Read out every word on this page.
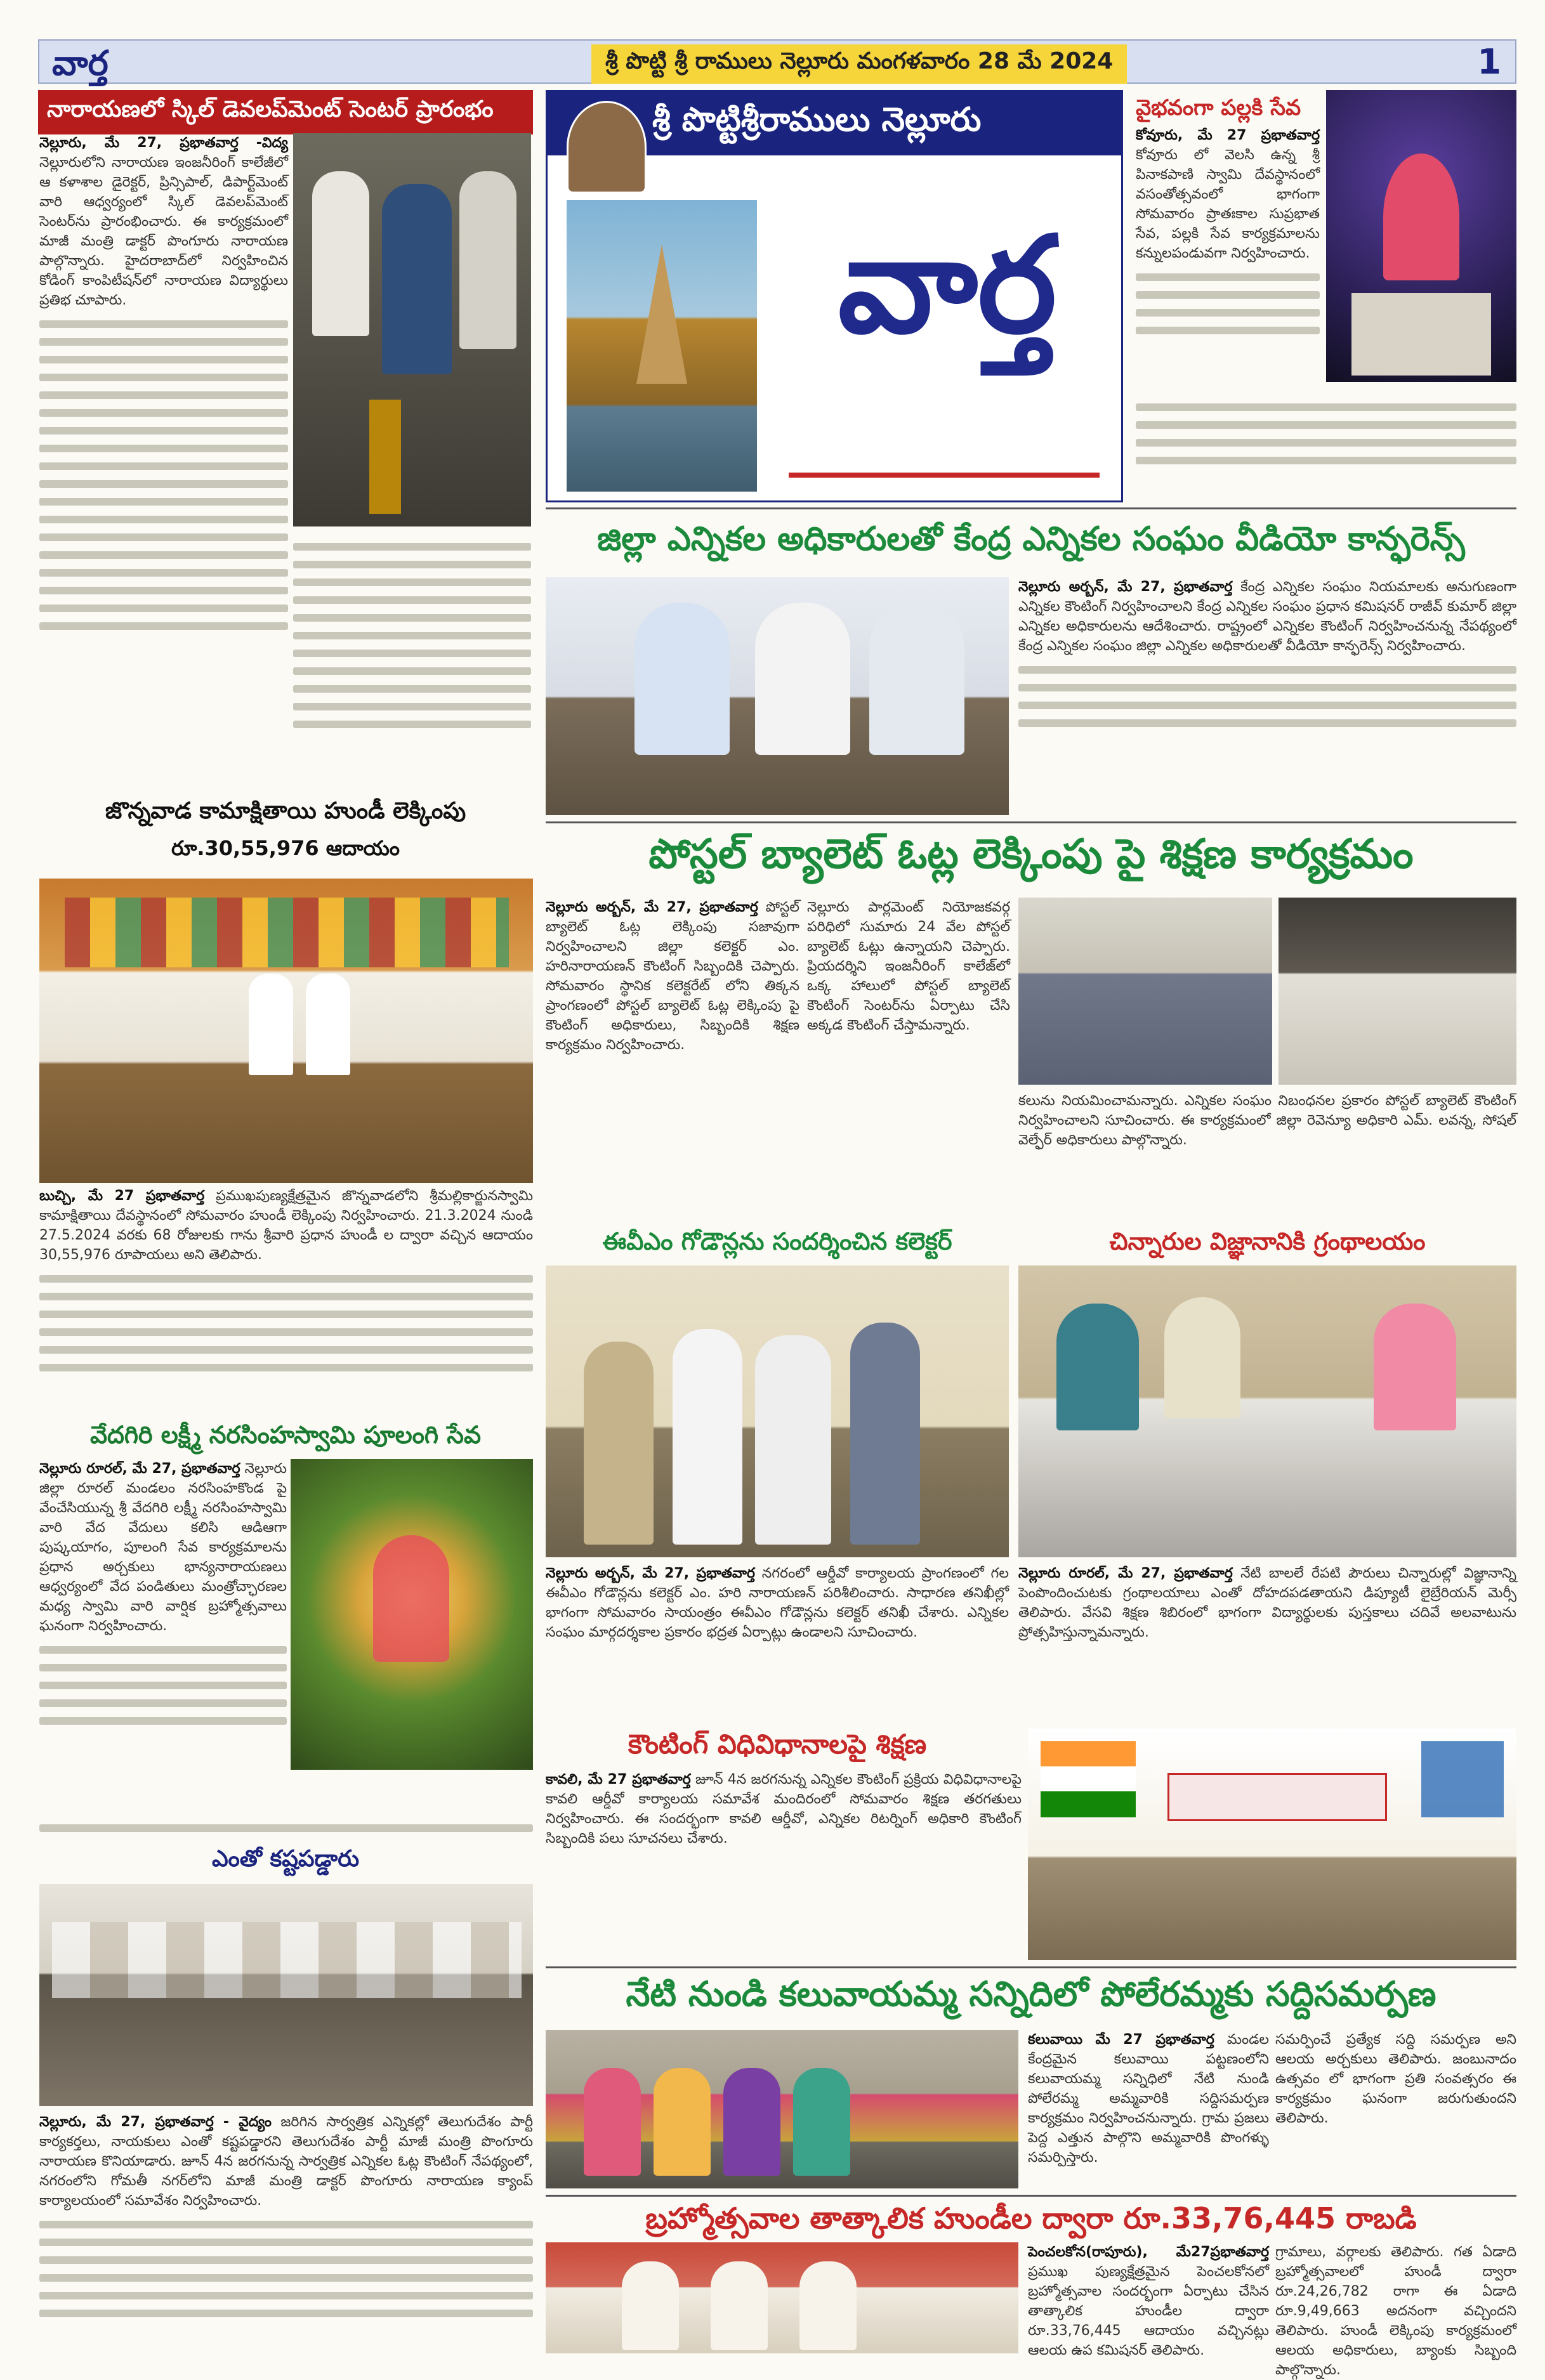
వార్త	శ్రీ పొట్టి శ్రీ రాములు నెల్లూరు మంగళవారం 28 మే 2024	1
నారాయణలో స్కిల్ డెవలప్‌మెంట్ సెంటర్ ప్రారంభం
నెల్లూరు, మే 27, ప్రభాతవార్త -విద్య నెల్లూరులోని నారాయణ ఇంజనీరింగ్ కాలేజీలో ఆ కళాశాల డైరెక్టర్, ప్రిన్సిపాల్, డిపార్ట్‌మెంట్ వారి ఆధ్వర్యంలో స్కిల్ డెవలప్‌మెంట్ సెంటర్‌ను ప్రారంభించారు. ఈ కార్యక్రమంలో మాజీ మంత్రి డాక్టర్ పొంగూరు నారాయణ పాల్గొన్నారు. హైదరాబాద్‌లో నిర్వహించిన కోడింగ్ కాంపిటీషన్‌లో నారాయణ విద్యార్థులు ప్రతిభ చూపారు.
జొన్నవాడ కామాక్షితాయి హుండీ లెక్కింపు
రూ.30,55,976 ఆదాయం
బుచ్చి, మే 27 ప్రభాతవార్త ప్రముఖపుణ్యక్షేత్రమైన జొన్నవాడలోని శ్రీమల్లికార్జునస్వామి కామాక్షితాయి దేవస్థానంలో సోమవారం హుండీ లెక్కింపు నిర్వహించారు. 21.3.2024 నుండి 27.5.2024 వరకు 68 రోజులకు గాను శ్రీవారి ప్రధాన హుండీ ల ద్వారా వచ్చిన ఆదాయం 30,55,976 రూపాయలు అని తెలిపారు.
వేదగిరి లక్ష్మీ నరసింహస్వామి పూలంగి సేవ
నెల్లూరు రూరల్, మే 27, ప్రభాతవార్త నెల్లూరు జిల్లా రూరల్ మండలం నరసింహకొండ పై వేంచేసియున్న శ్రీ వేదగిరి లక్ష్మీ నరసింహస్వామి వారి వేద వేదులు కలిసి ఆడిఆగా పుష్కయాగం, పూలంగి సేవ కార్యక్రమాలను ప్రధాన అర్చకులు భాన్యనారాయణలు ఆధ్వర్యంలో వేద పండితులు మంత్రోచ్ఛారణల మధ్య స్వామి వారి వార్షిక బ్రహ్మోత్సవాలు ఘనంగా నిర్వహించారు.
ఎంతో కష్టపడ్డారు
నెల్లూరు, మే 27, ప్రభాతవార్త - వైద్యం జరిగిన సార్వత్రిక ఎన్నికల్లో తెలుగుదేశం పార్టీ కార్యకర్తలు, నాయకులు ఎంతో కష్టపడ్డారని తెలుగుదేశం పార్టీ మాజీ మంత్రి పొంగూరు నారాయణ కొనియాడారు. జూన్ 4న జరగనున్న సార్వత్రిక ఎన్నికల ఓట్ల కౌంటింగ్ నేపథ్యంలో, నగరంలోని గోమతీ నగర్‌లోని మాజీ మంత్రి డాక్టర్ పొంగూరు నారాయణ క్యాంప్ కార్యాలయంలో సమావేశం నిర్వహించారు.
శ్రీ పొట్టిశ్రీరాములు నెల్లూరు
వార్త
వైభవంగా పల్లకి సేవ
కోవూరు, మే 27 ప్రభాతవార్త కోవూరు లో వెలసి ఉన్న శ్రీ పినాకపాణి స్వామి దేవస్థానంలో వసంతోత్సవంలో భాగంగా సోమవారం ప్రాతఃకాల సుప్రభాత సేవ, పల్లకి సేవ కార్యక్రమాలను కన్నులపండువగా నిర్వహించారు.
జిల్లా ఎన్నికల అధికారులతో కేంద్ర ఎన్నికల సంఘం వీడియో కాన్ఫరెన్స్
నెల్లూరు అర్బన్, మే 27, ప్రభాతవార్త కేంద్ర ఎన్నికల సంఘం నియమాలకు అనుగుణంగా ఎన్నికల కౌంటింగ్ నిర్వహించాలని కేంద్ర ఎన్నికల సంఘం ప్రధాన కమిషనర్ రాజీవ్ కుమార్ జిల్లా ఎన్నికల అధికారులను ఆదేశించారు. రాష్ట్రంలో ఎన్నికల కౌంటింగ్ నిర్వహించనున్న నేపథ్యంలో కేంద్ర ఎన్నికల సంఘం జిల్లా ఎన్నికల అధికారులతో వీడియో కాన్ఫరెన్స్ నిర్వహించారు.
పోస్టల్ బ్యాలెట్ ఓట్ల లెక్కింపు పై శిక్షణ కార్యక్రమం
నెల్లూరు అర్బన్, మే 27, ప్రభాతవార్త పోస్టల్ బ్యాలెట్ ఓట్ల లెక్కింపు సజావుగా నిర్వహించాలని జిల్లా కలెక్టర్ ఎం. హరినారాయణన్ కౌంటింగ్ సిబ్బందికి చెప్పారు. సోమవారం స్థానిక కలెక్టరేట్ లోని తిక్కన ప్రాంగణంలో పోస్టల్ బ్యాలెట్ ఓట్ల లెక్కింపు పై కౌంటింగ్ అధికారులు, సిబ్బందికి శిక్షణ కార్యక్రమం నిర్వహించారు.
నెల్లూరు పార్లమెంట్ నియోజకవర్గ పరిధిలో సుమారు 24 వేల పోస్టల్ బ్యాలెట్ ఓట్లు ఉన్నాయని చెప్పారు. ప్రియదర్శిని ఇంజనీరింగ్ కాలేజ్‌లో ఒక్క హాలులో పోస్టల్ బ్యాలెట్ కౌంటింగ్ సెంటర్‌ను ఏర్పాటు చేసి అక్కడ కౌంటింగ్ చేస్తామన్నారు.
కలును నియమించామన్నారు. ఎన్నికల సంఘం నిబంధనల ప్రకారం పోస్టల్ బ్యాలెట్ కౌంటింగ్ నిర్వహించాలని సూచించారు. ఈ కార్యక్రమంలో జిల్లా రెవెన్యూ అధికారి ఎమ్. లవన్న, సోషల్ వెల్ఫేర్ అధికారులు పాల్గొన్నారు.
ఈవీఎం గోడౌన్లను సందర్శించిన కలెక్టర్	చిన్నారుల విజ్ఞానానికి గ్రంథాలయం
నెల్లూరు అర్బన్, మే 27, ప్రభాతవార్త నగరంలో ఆర్డీవో కార్యాలయ ప్రాంగణంలో గల ఈవీఎం గోడౌన్లను కలెక్టర్ ఎం. హరి నారాయణన్ పరిశీలించారు. సాధారణ తనిఖీల్లో భాగంగా సోమవారం సాయంత్రం ఈవీఎం గోడౌన్లను కలెక్టర్ తనిఖీ చేశారు. ఎన్నికల సంఘం మార్గదర్శకాల ప్రకారం భద్రత ఏర్పాట్లు ఉండాలని సూచించారు.
నెల్లూరు రూరల్, మే 27, ప్రభాతవార్త నేటి బాలలే రేపటి పౌరులు చిన్నారుల్లో విజ్ఞానాన్ని పెంపొందించుటకు గ్రంథాలయాలు ఎంతో దోహదపడతాయని డిప్యూటీ లైబ్రేరియన్ మెర్సీ తెలిపారు. వేసవి శిక్షణ శిబిరంలో భాగంగా విద్యార్థులకు పుస్తకాలు చదివే అలవాటును ప్రోత్సహిస్తున్నామన్నారు.
కౌంటింగ్ విధివిధానాలపై శిక్షణ
కావలి, మే 27 ప్రభాతవార్త జూన్ 4న జరగనున్న ఎన్నికల కౌంటింగ్ ప్రక్రియ విధివిధానాలపై కావలి ఆర్డీవో కార్యాలయ సమావేశ మందిరంలో సోమవారం శిక్షణ తరగతులు నిర్వహించారు. ఈ సందర్భంగా కావలి ఆర్డీవో, ఎన్నికల రిటర్నింగ్ అధికారి కౌంటింగ్ సిబ్బందికి పలు సూచనలు చేశారు.
నేటి నుండి కలువాయమ్మ సన్నిదిలో పోలేరమ్మకు సద్దిసమర్పణ
కలువాయి మే 27 ప్రభాతవార్త మండల కేంద్రమైన కలువాయి పట్టణంలోని కలువాయమ్మ సన్నిధిలో నేటి నుండి పోలేరమ్మ అమ్మవారికి సద్దిసమర్పణ కార్యక్రమం నిర్వహించనున్నారు. గ్రామ ప్రజలు పెద్ద ఎత్తున పాల్గొని అమ్మవారికి పొంగళ్ళు సమర్పిస్తారు.
సమర్పించే ప్రత్యేక సద్ది సమర్పణ అని ఆలయ అర్చకులు తెలిపారు. జంబునాదం ఉత్సవం లో భాగంగా ప్రతి సంవత్సరం ఈ కార్యక్రమం ఘనంగా జరుగుతుందని తెలిపారు.
బ్రహ్మోత్సవాల తాత్కాలిక హుండీల ద్వారా రూ.33,76,445 రాబడి
పెంచలకోన(రాపూరు), మే27ప్రభాతవార్త ప్రముఖ పుణ్యక్షేత్రమైన పెంచలకోనలో బ్రహ్మోత్సవాల సందర్భంగా ఏర్పాటు చేసిన తాత్కాలిక హుండీల ద్వారా రూ.33,76,445 ఆదాయం వచ్చినట్లు ఆలయ ఉప కమిషనర్ తెలిపారు.
గ్రామాలు, వర్గాలకు తెలిపారు. గత ఏడాది బ్రహ్మోత్సవాలలో హుండీ ద్వారా రూ.24,26,782 రాగా ఈ ఏడాది రూ.9,49,663 అదనంగా వచ్చిందని తెలిపారు. హుండీ లెక్కింపు కార్యక్రమంలో ఆలయ అధికారులు, బ్యాంకు సిబ్బంది పాల్గొన్నారు.
